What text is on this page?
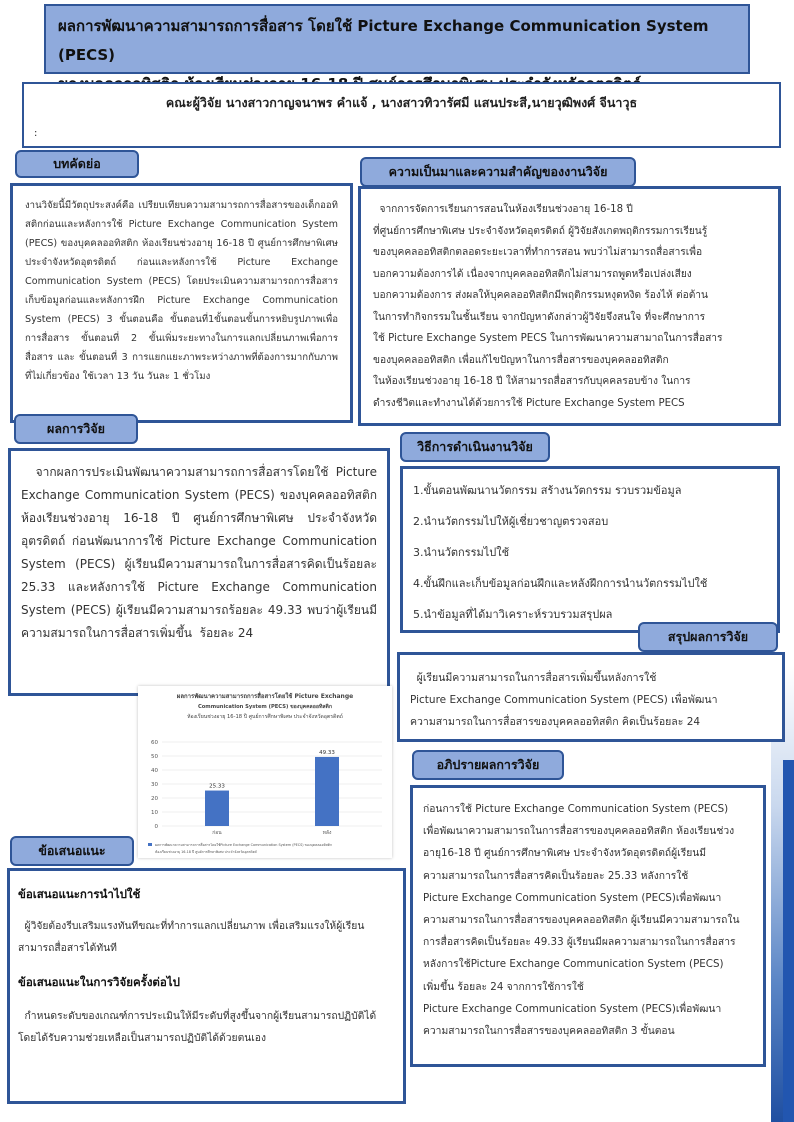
ผลการพัฒนาความสามารถการสื่อสาร โดยใช้ Picture Exchange Communication System (PECS)
คณะผู้วิจัย นางสาวกาญจนาพร คำแจ้ , นางสาวทิวารัศมี แสนประสี,นายวุฒิพงศ์ จีนาวุธ
:

งานวิจัยนี้มีวัตถุประสงค์คือ เปรียบเทียบความสามารถการสื่อสารของเด็กออทิสติกก่อนและหลังการใช้ Picture Exchange Communication System (PECS) ของบุคคลออทิสติก ห้องเรียนช่วงอายุ 16-18 ปี ศูนย์การศึกษาพิเศษ ประจำจังหวัดอุตรดิตถ์ ก่อนและหลังการใช้ Picture Exchange Communication System (PECS) โดยประเมินความสามารถการสื่อสาร เก็บข้อมูลก่อนและหลังการฝึก Picture Exchange Communication System (PECS) 3 ขั้นตอนคือ ขั้นตอนที่1ขั้นตอนขั้นการหยิบรูปภาพเพื่อการสื่อสาร ขั้นตอนที่ 2 ขั้นเพิ่มระยะทางในการแลกเปลี่ยนภาพเพื่อการสื่อสาร และ ขั้นตอนที่ 3 การแยกแยะภาพระหว่างภาพที่ต้องการมากกับภาพที่ไม่เกี่ยวข้อง ใช้เวลา 13 วัน วันละ 1 ชั่วโมง

บทคัดย่อ
จากการจัดการเรียนการสอนในห้องเรียนช่วงอายุ 16-18 ปี
ที่ศูนย์การศึกษาพิเศษ ประจำจังหวัดอุตรดิตถ์ ผู้วิจัยสังเกตพฤติกรรมการเรียนรู้
ของบุคคลออทิสติกตลอดระยะเวลาที่ทำการสอน พบว่าไม่สามารถสื่อสารเพื่อ
บอกความต้องการได้ เนื่องจากบุคคลออทิสติกไม่สามารถพูดหรือเปล่งเสียง
บอกความต้องการ ส่งผลให้บุคคลออทิสติกมีพฤติกรรมหงุดหงิด ร้องไห้ ต่อต้าน
ในการทำกิจกรรมในชั้นเรียน จากปัญหาดังกล่าวผู้วิจัยจึงสนใจ ที่จะศึกษาการ
ใช้ Picture Exchange System PECS ในการพัฒนาความสามาถในการสื่อสาร
ของบุคคลออทิสติก เพื่อแก้ไขปัญหาในการสื่อสารของบุคคลออทิสติก
ในห้องเรียนช่วงอายุ 16-18 ปี ให้สามารถสื่อสารกับบุคคลรอบข้าง ในการ
ดำรงชีวิตและทำงานได้ด้วยการใช้ Picture Exchange System PECS
ความเป็นมาและความสำคัญของงานวิจัย

จากผลการประเมินพัฒนาความสามารถการสื่อสารโดยใช้ Picture Exchange Communication System (PECS) ของบุคคลออทิสติก ห้องเรียนช่วงอายุ 16-18 ปี ศูนย์การศึกษาพิเศษ ประจำจังหวัดอุตรดิตถ์ ก่อนพัฒนาการใช้ Picture Exchange Communication System (PECS) ผู้เรียนมีความสามารถในการสื่อสารคิดเป็นร้อยละ 25.33 และหลังการใช้ Picture Exchange Communication System (PECS) ผู้เรียนมีความสามารถร้อยละ 49.33 พบว่าผู้เรียนมีความสมารถในการสื่อสารเพิ่มขึ้น  ร้อยละ 24

ผลการวิจัย
1.ขั้นตอนพัฒนานวัตกรรม สร้างนวัตกรรม รวบรวมข้อมูล
2.นำนวัตกรรมไปให้ผู้เชี่ยวชาญตรวจสอบ
3.นำนวัตกรรมไปใช้
4.ขั้นฝึกและเก็บข้อมูลก่อนฝึกและหลังฝึกการนำนวัตกรรมไปใช้
5.นำข้อมูลที่ได้มาวิเคราะห์รวบรวมสรุปผล
วิธีการดำเนินงานวิจัย
ผู้เรียนมีความสามารถในการสื่อสารเพิ่มขึ้นหลังการใช้
Picture Exchange Communication System (PECS) เพื่อพัฒนา
ความสามารถในการสื่อสารของบุคคลออทิสติก คิดเป็นร้อยละ 24
สรุปผลการวิจัย
ก่อนการใช้ Picture Exchange Communication System (PECS)
เพื่อพัฒนาความสามารถในการสื่อสารของบุคคลออทิสติก ห้องเรียนช่วง
อายุ16-18 ปี ศูนย์การศึกษาพิเศษ ประจำจังหวัดอุตรดิตถ์ผู้เรียนมี
ความสามารถในการสื่อสารคิดเป็นร้อยละ 25.33 หลังการใช้
Picture Exchange Communication System (PECS)เพื่อพัฒนา
ความสามารถในการสื่อสารของบุคคลออทิสติก ผู้เรียนมีความสามารถใน
การสื่อสารคิดเป็นร้อยละ 49.33 ผู้เรียนมีผลความสามารถในการสื่อสาร
หลังการใช้Picture Exchange Communication System (PECS)
เพิ่มขึ้น ร้อยละ 24 จากการใช้การใช้
Picture Exchange Communication System (PECS)เพื่อพัฒนา
ความสามารถในการสื่อสารของบุคคลออทิสติก 3 ขั้นตอน
อภิปรายผลการวิจัย
ข้อเสนอแนะการนำไปใช้

ผู้วิจัยต้องรีบเสริมแรงทันทีขณะที่ทำการแลกเปลี่ยนภาพ เพื่อเสริมแรงให้ผู้เรียนสามารถสื่อสารได้ทันที

ข้อเสนอแนะในการวิจัยครั้งต่อไป

กำหนดระดับของเกณฑ์การประเมินให้มีระดับที่สูงขึ้นจากผู้เรียนสามารถปฏิบัติได้ โดยได้รับความช่วยเหลือเป็นสามารถปฏิบัติได้ด้วยตนเอง

ข้อเสนอแนะ
ผลการพัฒนาความสามารถการสื่อสารโดยใช้ Picture Exchange
Communication System (PECS) ของบุคคลออทิสติก
ห้องเรียนช่วงอายุ 16-18 ปี ศูนย์การศึกษาพิเศษ ประจำจังหวัดอุตรดิตถ์
0
10
20
30
40
50
60
25.33
ก่อน
49.33
หลัง
ผลการพัฒนาความสามารถการสื่อสารโดยใช้Picture Exchange Communication System (PECS) ของบุคคลออทิสติก
ห้องเรียนช่วงอายุ 16-18 ปี ศูนย์การศึกษาพิเศษ ประจำจังหวัดอุตรดิตถ์
